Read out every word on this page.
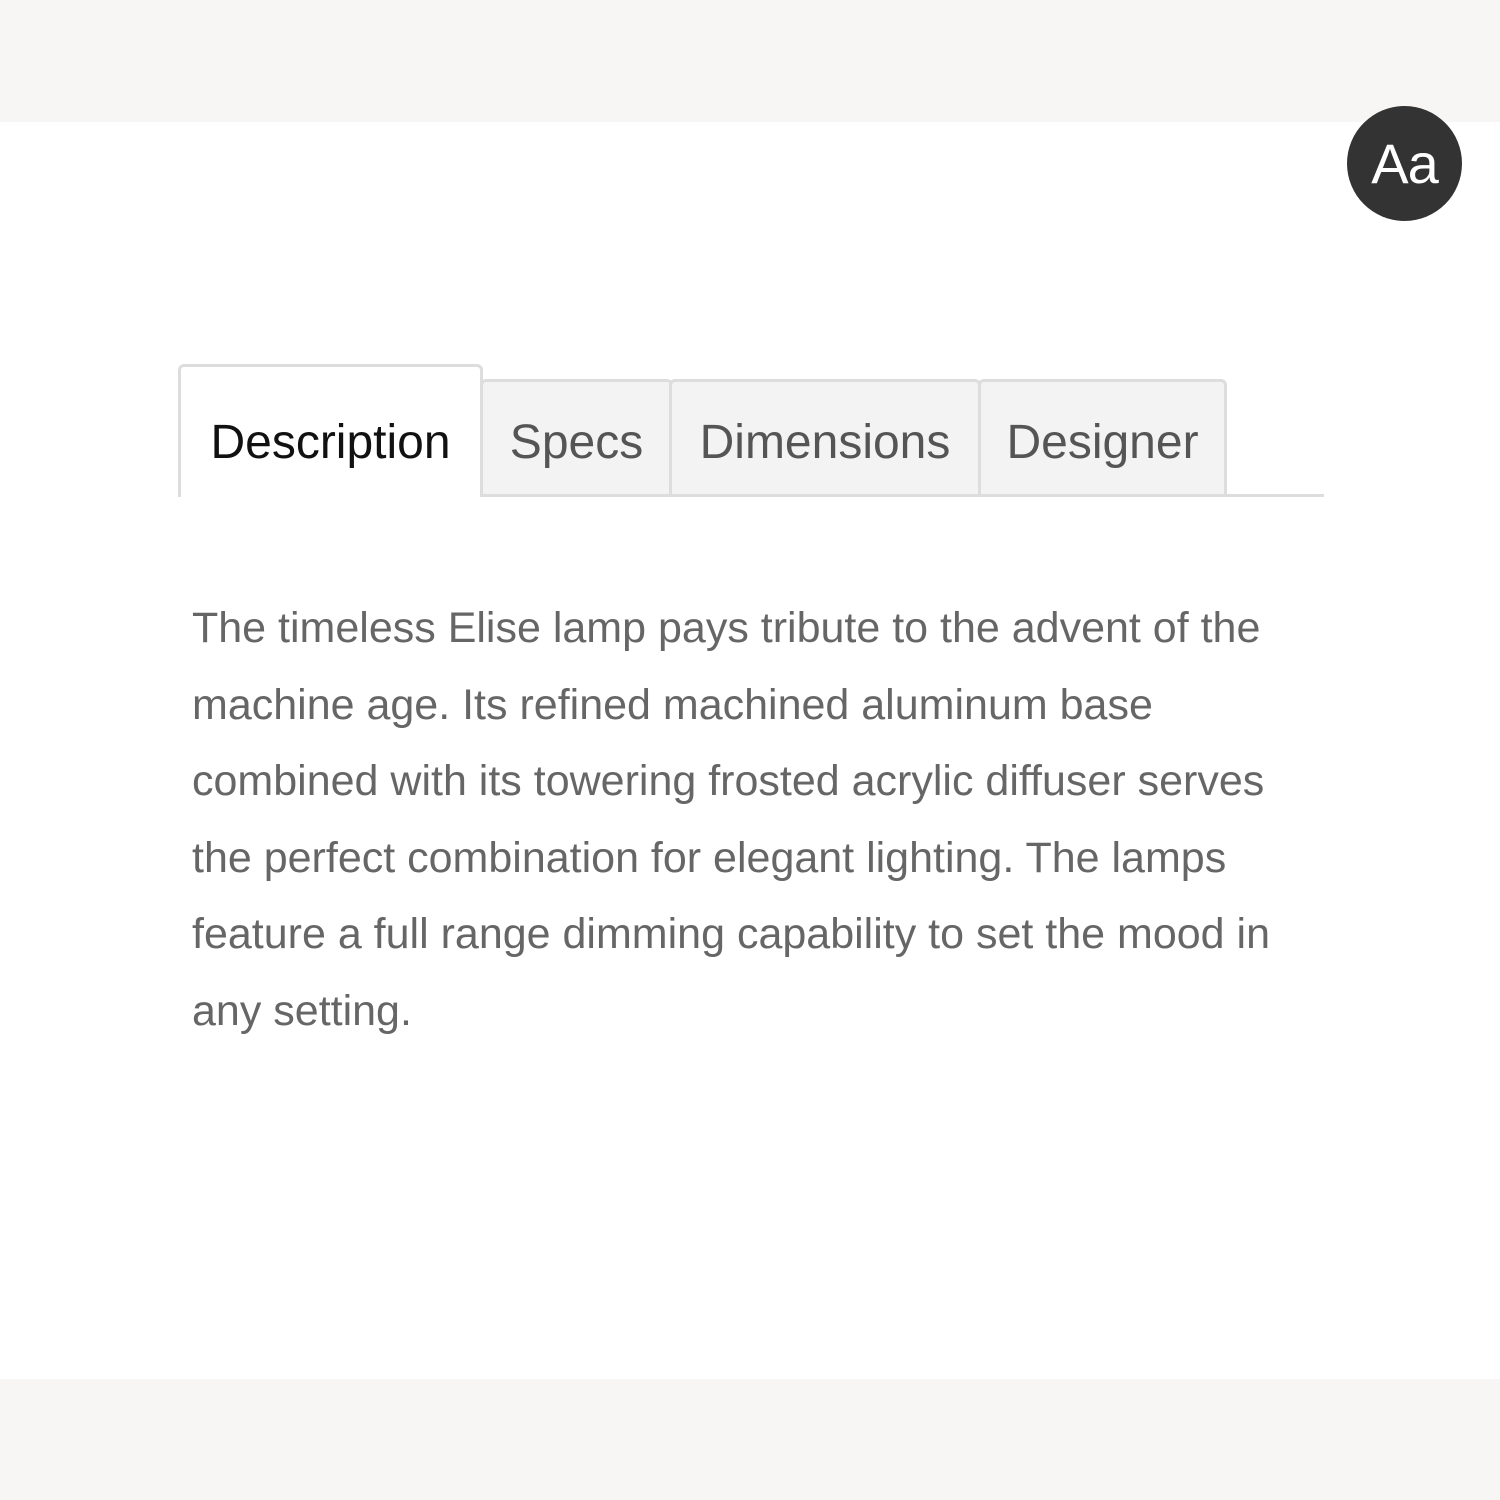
Aa
Description	Specs	Dimensions	Designer

The timeless Elise lamp pays tribute to the advent of the machine age. Its refined machined aluminum base combined with its towering frosted acrylic diffuser serves the perfect combination for elegant lighting. The lamps feature a full range dimming capability to set the mood in any setting.
